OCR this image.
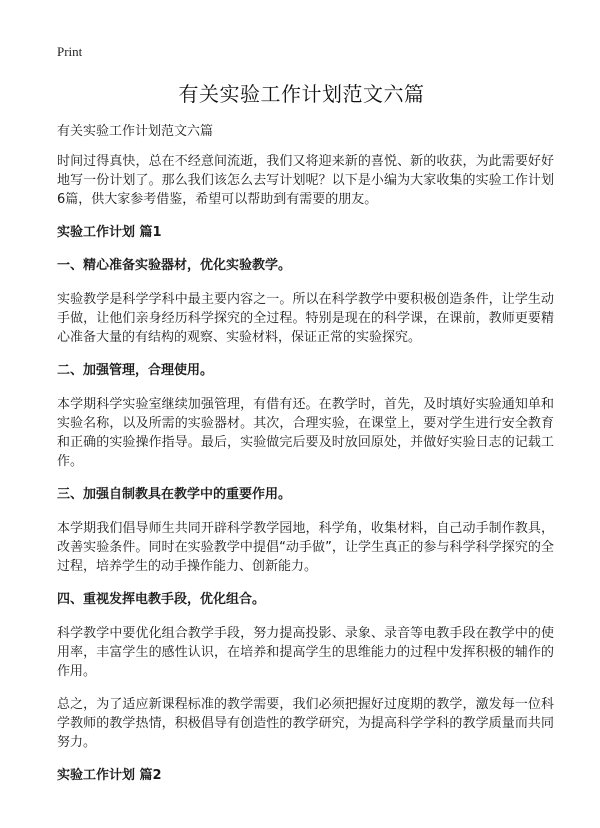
Print
有关实验工作计划范文六篇

有关实验工作计划范文六篇

时间过得真快，总在不经意间流逝，我们又将迎来新的喜悦、新的收获，为此需要好好地写一份计划了。那么我们该怎么去写计划呢？以下是小编为大家收集的实验工作计划6篇，供大家参考借鉴，希望可以帮助到有需要的朋友。

实验工作计划 篇1

一、精心准备实验器材，优化实验教学。

实验教学是科学学科中最主要内容之一。所以在科学教学中要积极创造条件，让学生动手做，让他们亲身经历科学探究的全过程。特别是现在的科学课，在课前，教师更要精心准备大量的有结构的观察、实验材料，保证正常的实验探究。

二、加强管理，合理使用。

本学期科学实验室继续加强管理，有借有还。在教学时，首先，及时填好实验通知单和实验名称，以及所需的实验器材。其次，合理实验，在课堂上，要对学生进行安全教育和正确的实验操作指导。最后，实验做完后要及时放回原处，并做好实验日志的记载工作。

三、加强自制教具在教学中的重要作用。

本学期我们倡导师生共同开辟科学教学园地，科学角，收集材料，自己动手制作教具，改善实验条件。同时在实验教学中提倡“动手做”，让学生真正的参与科学科学探究的全过程，培养学生的动手操作能力、创新能力。

四、重视发挥电教手段，优化组合。

科学教学中要优化组合教学手段，努力提高投影、录象、录音等电教手段在教学中的使用率，丰富学生的感性认识，在培养和提高学生的思维能力的过程中发挥积极的辅作的作用。

总之，为了适应新课程标准的教学需要，我们必须把握好过度期的教学，激发每一位科学教师的教学热情，积极倡导有创造性的教学研究，为提高科学学科的教学质量而共同努力。

实验工作计划 篇2
